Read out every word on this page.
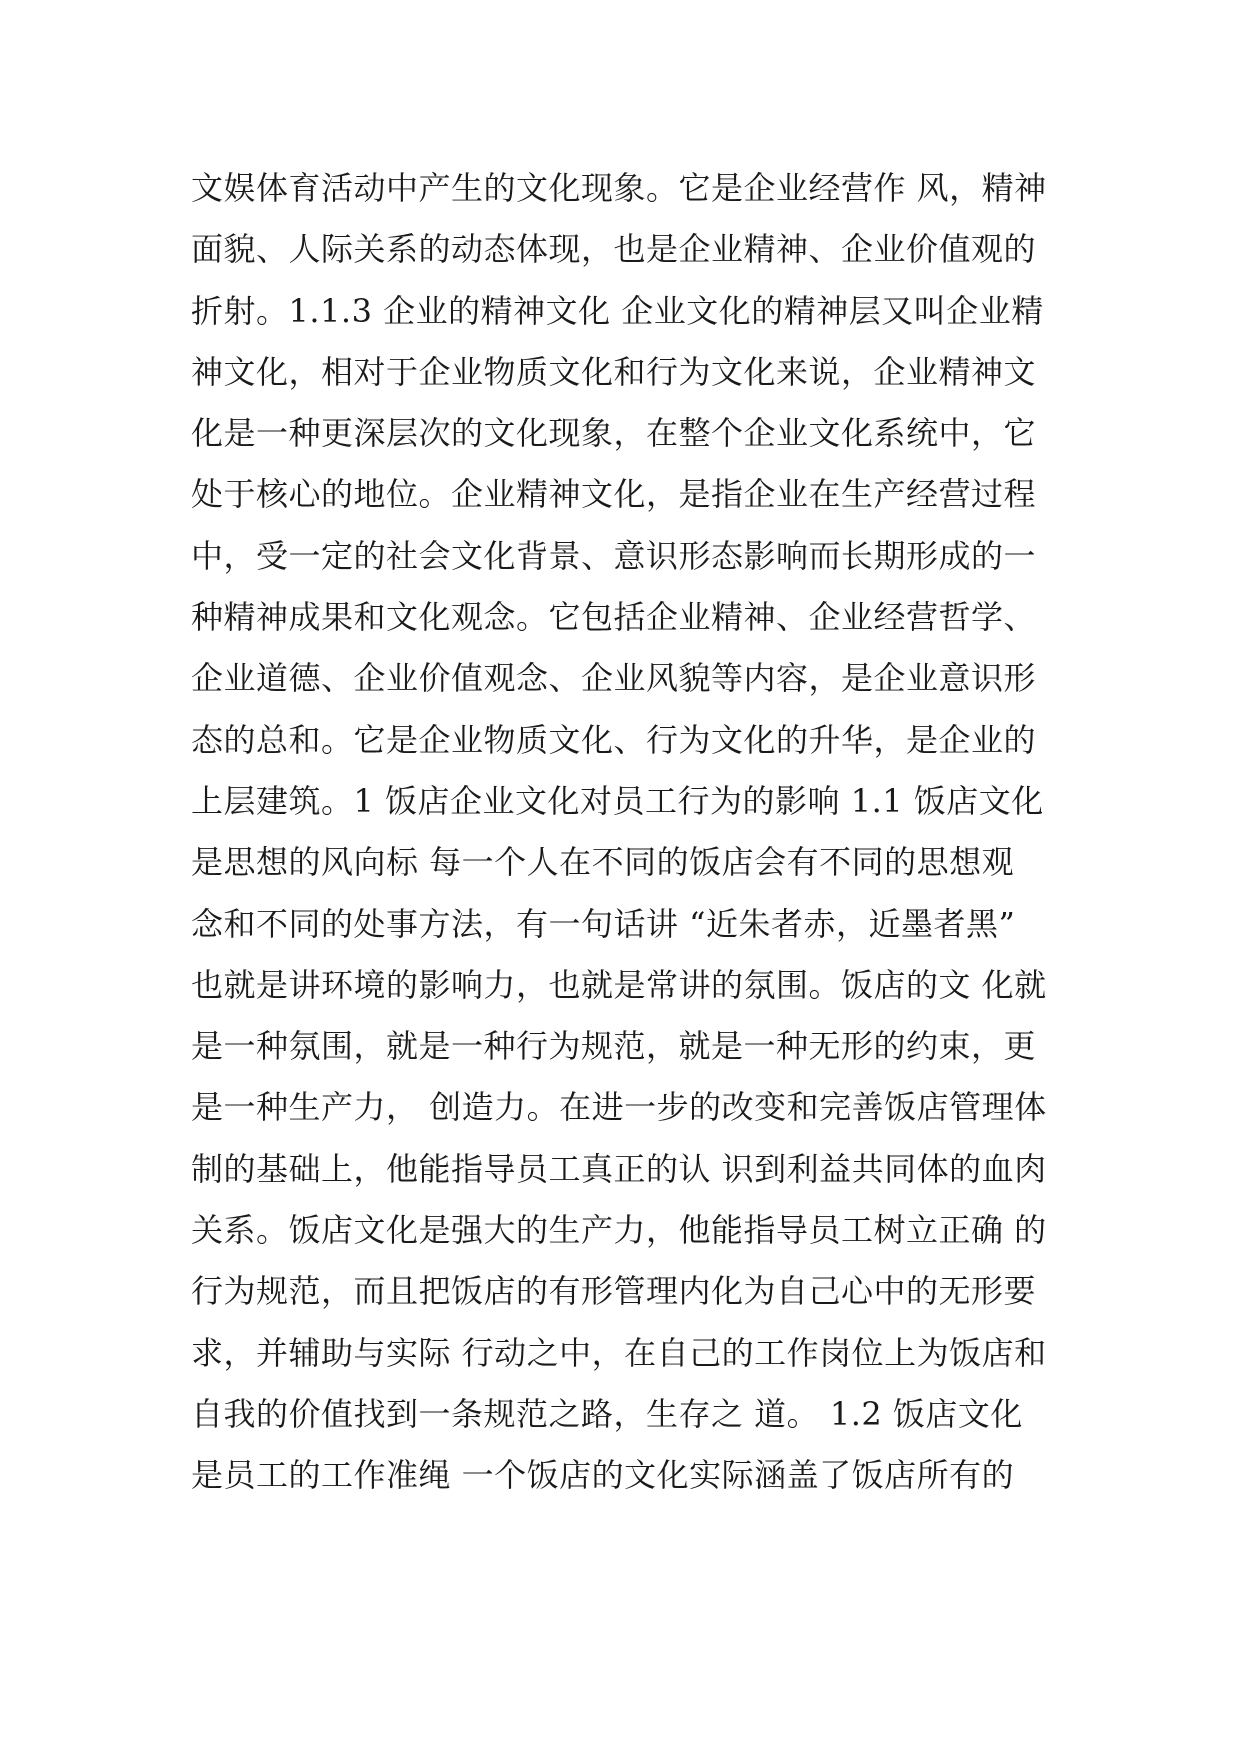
文娱体育活动中产生的文化现象。它是企业经营作 风，精神
面貌、人际关系的动态体现，也是企业精神、企业价值观的
折射。1.1.3 企业的精神文化 企业文化的精神层又叫企业精
神文化，相对于企业物质文化和行为文化来说，企业精神文
化是一种更深层次的文化现象，在整个企业文化系统中，它
处于核心的地位。企业精神文化，是指企业在生产经营过程
中，受一定的社会文化背景、意识形态影响而长期形成的一
种精神成果和文化观念。它包括企业精神、企业经营哲学、
企业道德、企业价值观念、企业风貌等内容，是企业意识形
态的总和。它是企业物质文化、行为文化的升华，是企业的
上层建筑。1 饭店企业文化对员工行为的影响 1.1 饭店文化
是思想的风向标 每一个人在不同的饭店会有不同的思想观
念和不同的处事方法，有一句话讲 “近朱者赤，近墨者黑”
也就是讲环境的影响力，也就是常讲的氛围。饭店的文 化就
是一种氛围，就是一种行为规范，就是一种无形的约束，更
是一种生产力， 创造力。在进一步的改变和完善饭店管理体
制的基础上，他能指导员工真正的认 识到利益共同体的血肉
关系。饭店文化是强大的生产力，他能指导员工树立正确 的
行为规范，而且把饭店的有形管理内化为自己心中的无形要
求，并辅助与实际 行动之中，在自己的工作岗位上为饭店和
自我的价值找到一条规范之路，生存之 道。 1.2 饭店文化
是员工的工作准绳 一个饭店的文化实际涵盖了饭店所有的
